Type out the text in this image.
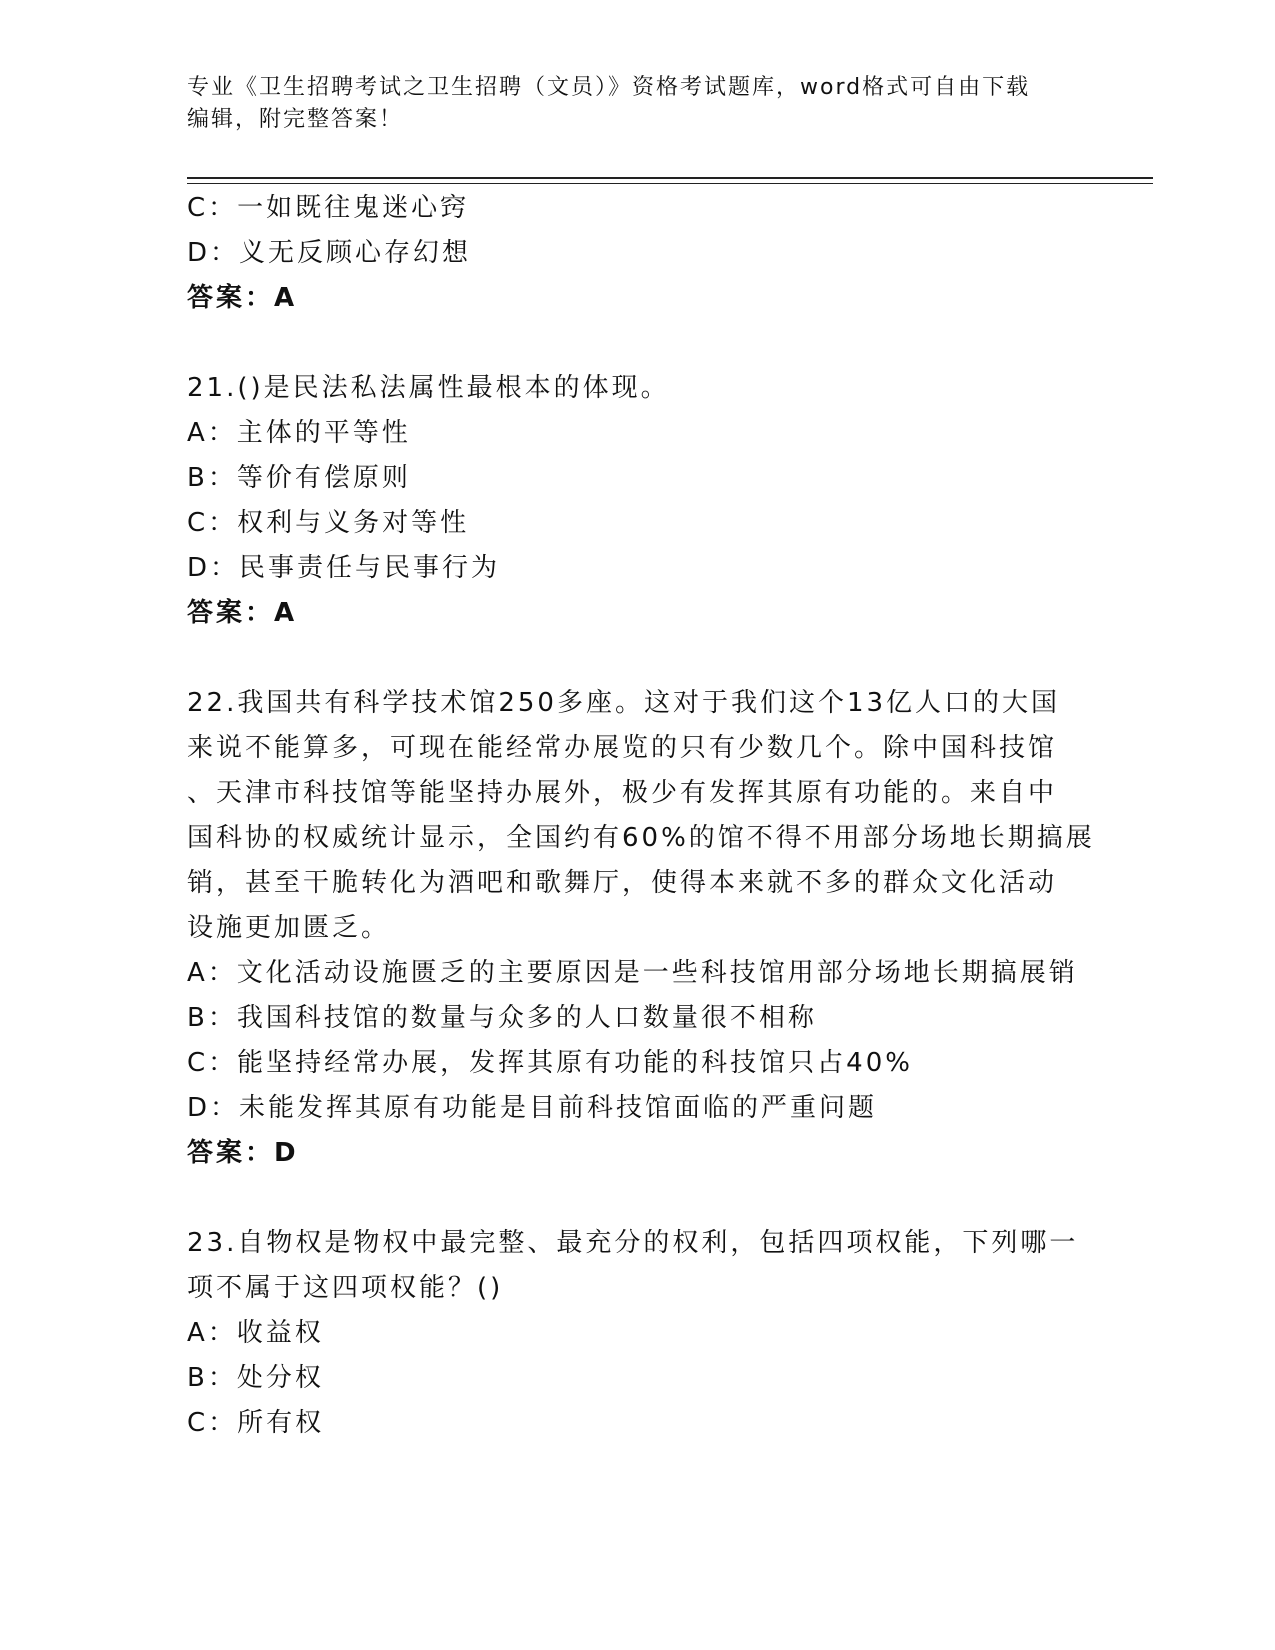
专业《卫生招聘考试之卫生招聘（文员）》资格考试题库，word格式可自由下载
编辑，附完整答案！
C：一如既往鬼迷心窍
D：义无反顾心存幻想
答案：A
21.()是民法私法属性最根本的体现。
A：主体的平等性
B：等价有偿原则
C：权利与义务对等性
D：民事责任与民事行为
答案：A
22.我国共有科学技术馆250多座。这对于我们这个13亿人口的大国
来说不能算多，可现在能经常办展览的只有少数几个。除中国科技馆
、天津市科技馆等能坚持办展外，极少有发挥其原有功能的。来自中
国科协的权威统计显示，全国约有60%的馆不得不用部分场地长期搞展
销，甚至干脆转化为酒吧和歌舞厅，使得本来就不多的群众文化活动
设施更加匮乏。
A：文化活动设施匮乏的主要原因是一些科技馆用部分场地长期搞展销
B：我国科技馆的数量与众多的人口数量很不相称
C：能坚持经常办展，发挥其原有功能的科技馆只占40%
D：未能发挥其原有功能是目前科技馆面临的严重问题
答案：D
23.自物权是物权中最完整、最充分的权利，包括四项权能，下列哪一
项不属于这四项权能？()
A：收益权
B：处分权
C：所有权
